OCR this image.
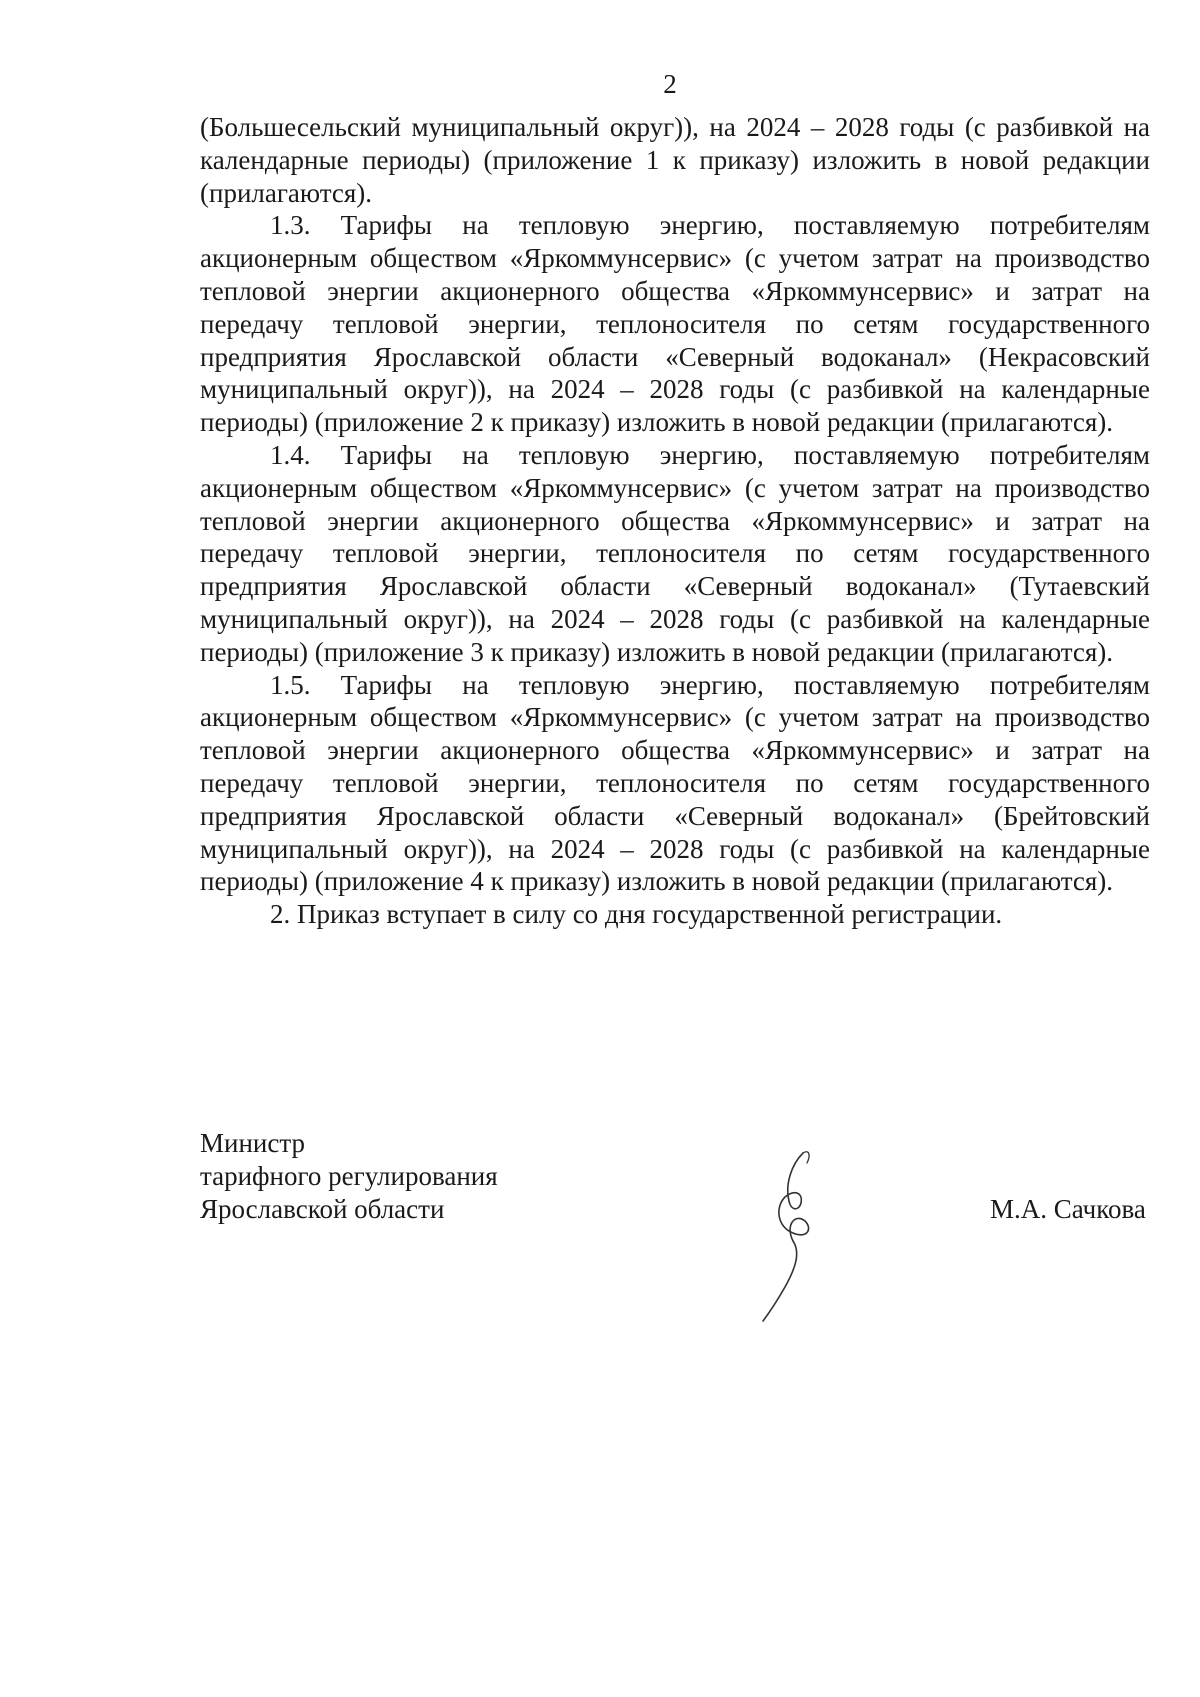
2

(Большесельский муниципальный округ)), на 2024 – 2028 годы (с разбивкой на календарные периоды) (приложение 1 к приказу) изложить в новой редакции (прилагаются).

1.3. Тарифы на тепловую энергию, поставляемую потребителям акционерным обществом «Яркоммунсервис» (с учетом затрат на производство тепловой энергии акционерного общества «Яркоммунсервис» и затрат на передачу тепловой энергии, теплоносителя по сетям государственного предприятия Ярославской области «Северный водоканал» (Некрасовский муниципальный округ)), на 2024 – 2028 годы (с разбивкой на календарные периоды) (приложение 2 к приказу) изложить в новой редакции (прилагаются).

1.4. Тарифы на тепловую энергию, поставляемую потребителям акционерным обществом «Яркоммунсервис» (с учетом затрат на производство тепловой энергии акционерного общества «Яркоммунсервис» и затрат на передачу тепловой энергии, теплоносителя по сетям государственного предприятия Ярославской области «Северный водоканал» (Тутаевский муниципальный округ)), на 2024 – 2028 годы (с разбивкой на календарные периоды) (приложение 3 к приказу) изложить в новой редакции (прилагаются).

1.5. Тарифы на тепловую энергию, поставляемую потребителям акционерным обществом «Яркоммунсервис» (с учетом затрат на производство тепловой энергии акционерного общества «Яркоммунсервис» и затрат на передачу тепловой энергии, теплоносителя по сетям государственного предприятия Ярославской области «Северный водоканал» (Брейтовский муниципальный округ)), на 2024 – 2028 годы (с разбивкой на календарные периоды) (приложение 4 к приказу) изложить в новой редакции (прилагаются).

2. Приказ вступает в силу со дня государственной регистрации.

Министр
тарифного регулирования
Ярославской области	М.А. Сачкова
